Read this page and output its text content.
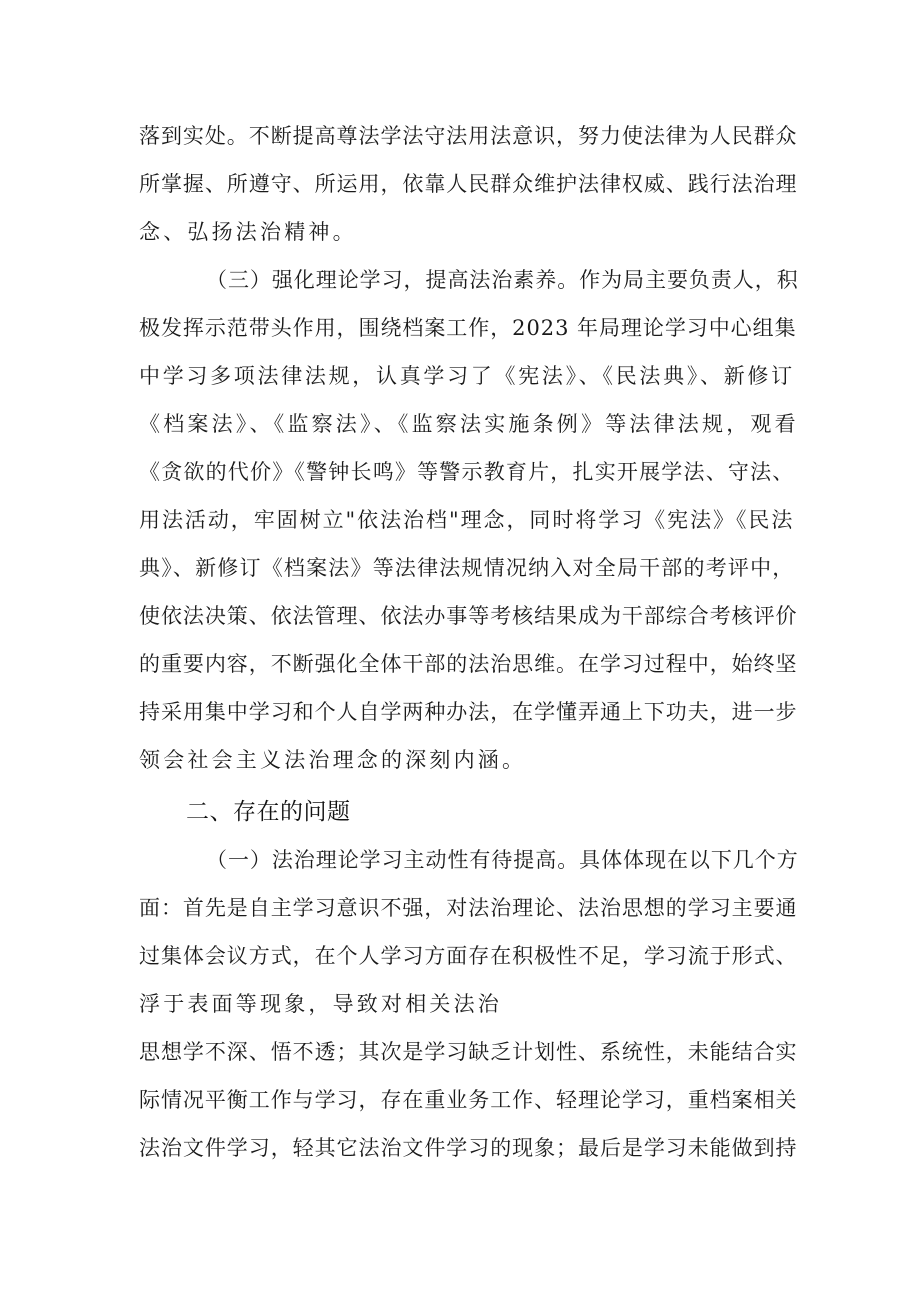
落到实处。不断提高尊法学法守法用法意识，努力使法律为人民群众
所掌握、所遵守、所运用，依靠人民群众维护法律权威、践行法治理
念、弘扬法治精神。
（三）强化理论学习，提高法治素养。作为局主要负责人，积
极发挥示范带头作用，围绕档案工作，2023 年局理论学习中心组集
中学习多项法律法规，认真学习了《宪法》、《民法典》、新修订
《档案法》、《监察法》、《监察法实施条例》等法律法规，观看
《贪欲的代价》《警钟长鸣》等警示教育片，扎实开展学法、守法、
用法活动，牢固树立"依法治档"理念，同时将学习《宪法》《民法
典》、新修订《档案法》等法律法规情况纳入对全局干部的考评中，
使依法决策、依法管理、依法办事等考核结果成为干部综合考核评价
的重要内容，不断强化全体干部的法治思维。在学习过程中，始终坚
持采用集中学习和个人自学两种办法，在学懂弄通上下功夫，进一步
领会社会主义法治理念的深刻内涵。
二、存在的问题
（一）法治理论学习主动性有待提高。具体体现在以下几个方
面：首先是自主学习意识不强，对法治理论、法治思想的学习主要通
过集体会议方式，在个人学习方面存在积极性不足，学习流于形式、
浮于表面等现象，导致对相关法治
思想学不深、悟不透；其次是学习缺乏计划性、系统性，未能结合实
际情况平衡工作与学习，存在重业务工作、轻理论学习，重档案相关
法治文件学习，轻其它法治文件学习的现象；最后是学习未能做到持
